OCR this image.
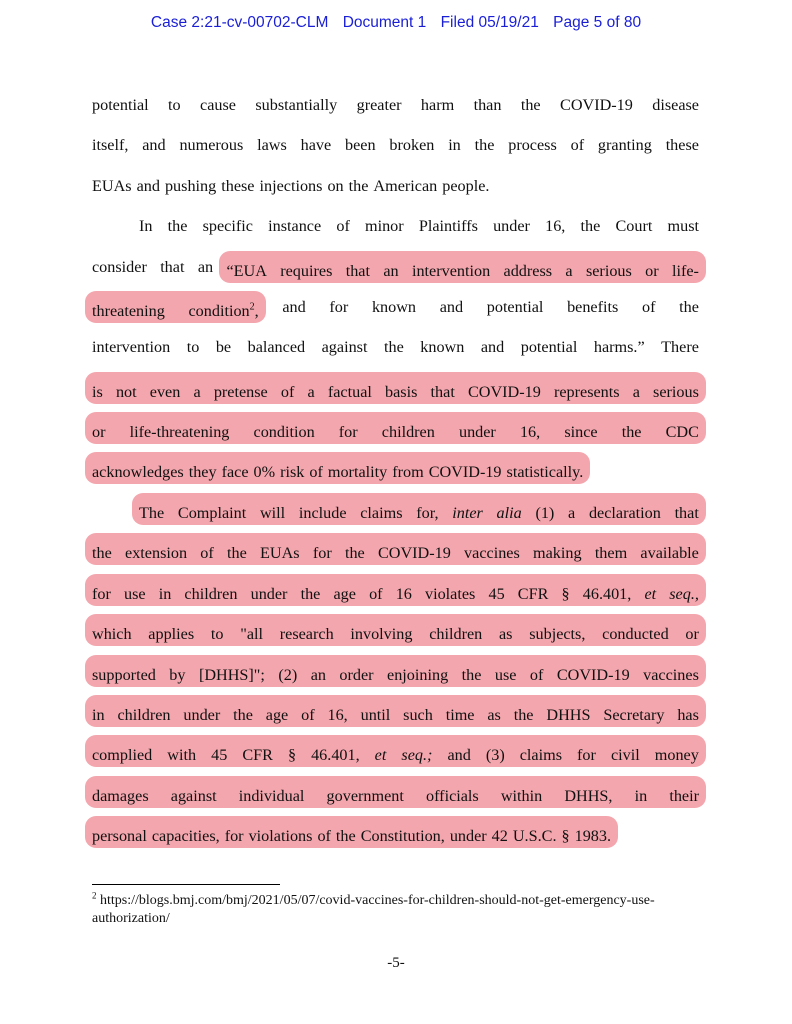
Case 2:21-cv-00702-CLM Document 1 Filed 05/19/21 Page 5 of 80
potential to cause substantially greater harm than the COVID-19 disease
itself, and numerous laws have been broken in the process of granting these
EUAs and pushing these injections on the American people.
In the specific instance of minor Plaintiffs under 16, the Court must
consider that an “EUA requires that an intervention address a serious or life-
threatening condition$^2$, and for known and potential benefits of the
intervention to be balanced against the known and potential harms.” There
is not even a pretense of a factual basis that COVID-19 represents a serious
or life-threatening condition for children under 16, since the CDC
acknowledges they face 0% risk of mortality from COVID-19 statistically.
The Complaint will include claims for, inter alia (1) a declaration that
the extension of the EUAs for the COVID-19 vaccines making them available
for use in children under the age of 16 violates 45 CFR § 46.401, et seq.,
which applies to "all research involving children as subjects, conducted or
supported by [DHHS]"; (2) an order enjoining the use of COVID-19 vaccines
in children under the age of 16, until such time as the DHHS Secretary has
complied with 45 CFR § 46.401, et seq.; and (3) claims for civil money
damages against individual government officials within DHHS, in their
personal capacities, for violations of the Constitution, under 42 U.S.C. § 1983.
$^2$ https://blogs.bmj.com/bmj/2021/05/07/covid-vaccines-for-children-should-not-get-emergency-use-authorization/
-5-
